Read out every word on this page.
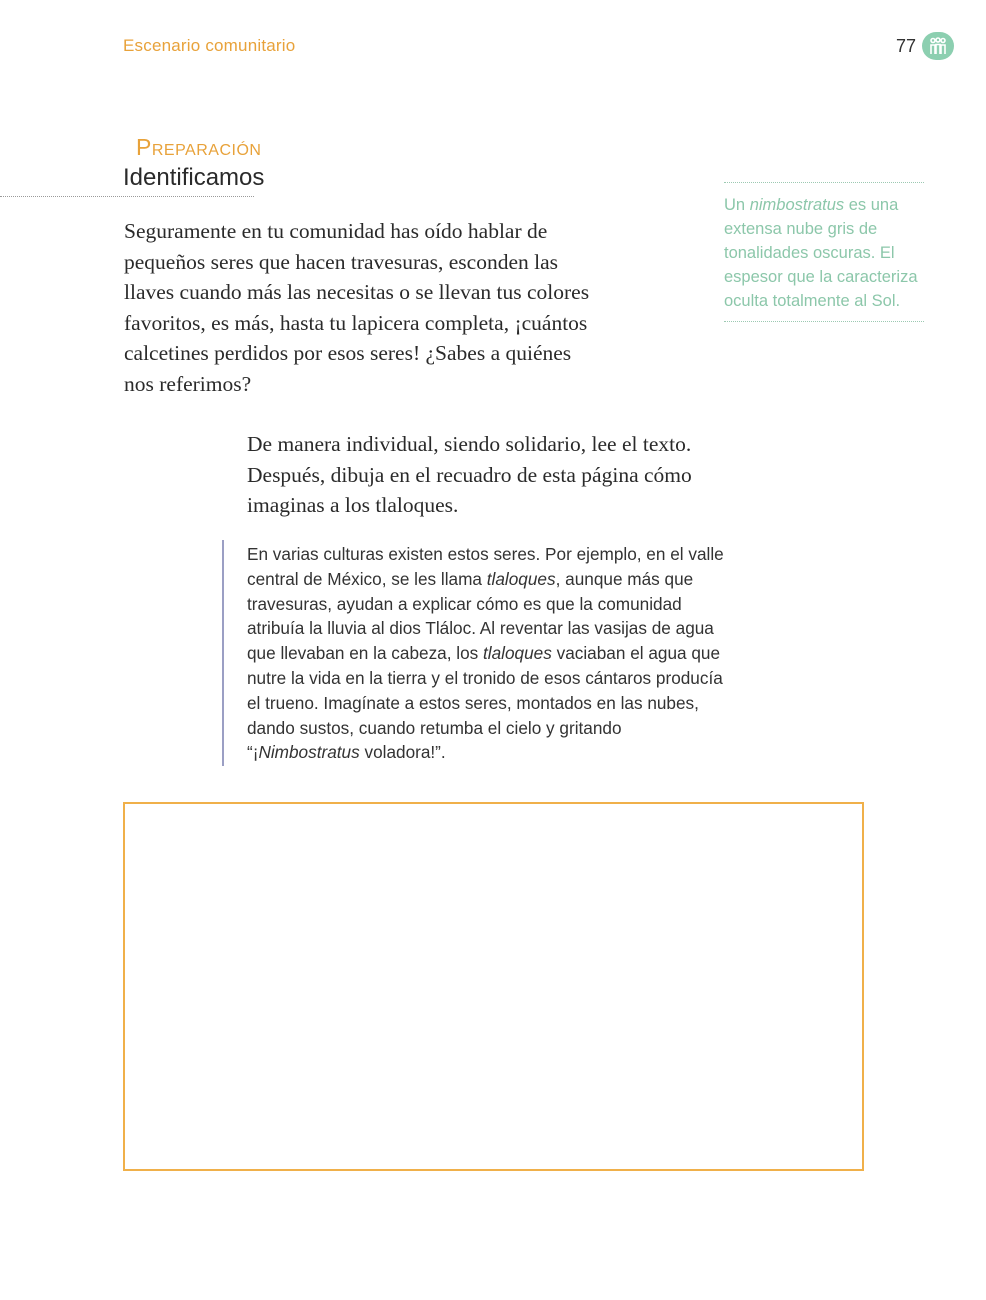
Escenario comunitario	77
Preparación
Identificamos
Seguramente en tu comunidad has oído hablar de pequeños seres que hacen travesuras, esconden las llaves cuando más las necesitas o se llevan tus colores favoritos, es más, hasta tu lapicera completa, ¡cuántos calcetines perdidos por esos seres! ¿Sabes a quiénes nos referimos?
Un nimbostratus es una extensa nube gris de tonalidades oscuras. El espesor que la caracteriza oculta totalmente al Sol.
De manera individual, siendo solidario, lee el texto. Después, dibuja en el recuadro de esta página cómo imaginas a los tlaloques.
En varias culturas existen estos seres. Por ejemplo, en el valle central de México, se les llama tlaloques, aunque más que travesuras, ayudan a explicar cómo es que la comunidad atribuía la lluvia al dios Tláloc. Al reventar las vasijas de agua que llevaban en la cabeza, los tlaloques vaciaban el agua que nutre la vida en la tierra y el tronido de esos cántaros producía el trueno. Imagínate a estos seres, montados en las nubes, dando sustos, cuando retumba el cielo y gritando “¡Nimbostratus voladora!”.
